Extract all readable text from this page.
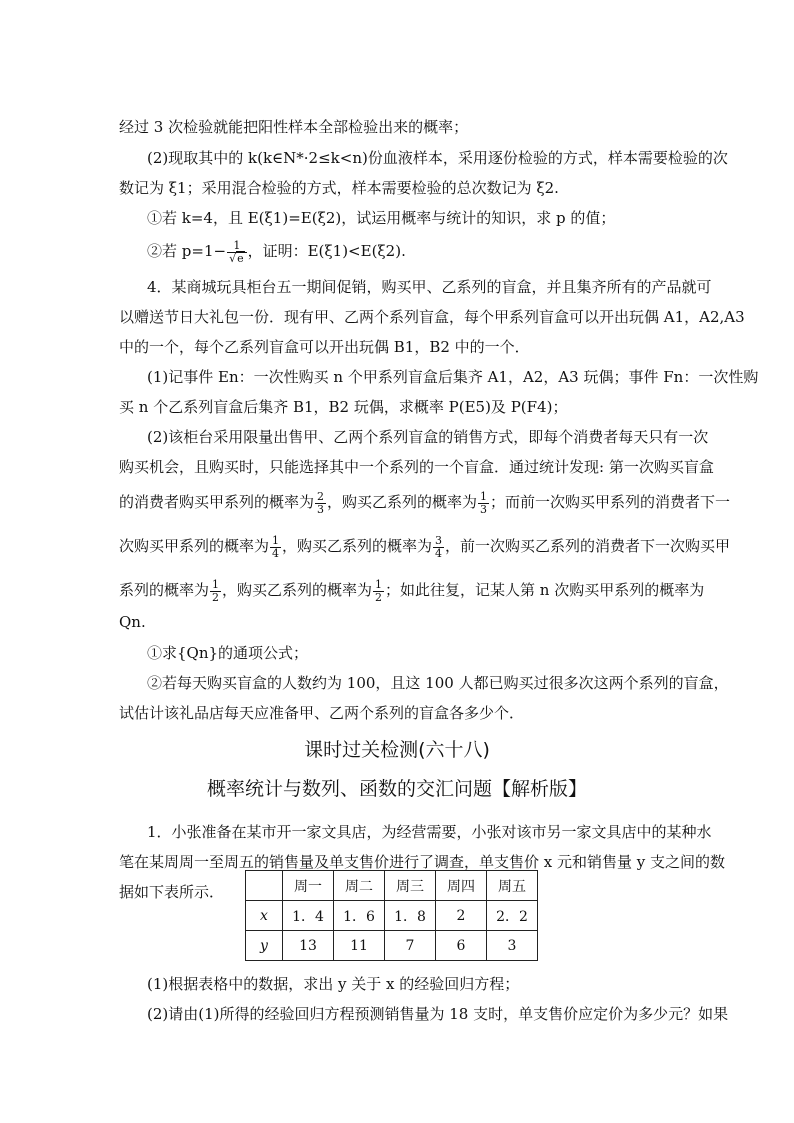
经过 3 次检验就能把阳性样本全部检验出来的概率；
(2)现取其中的 k(k∈N*·2≤k<n)份血液样本，采用逐份检验的方式，样本需要检验的次
数记为 ξ1；采用混合检验的方式，样本需要检验的总次数记为 ξ2.
①若 k=4，且 E(ξ1)=E(ξ2)，试运用概率与统计的知识，求 p 的值；
②若 $p=1- \frac{1}{√e}$ ，证明：E(ξ1)<E(ξ2).
4．某商城玩具柜台五一期间促销，购买甲、乙系列的盲盒，并且集齐所有的产品就可
以赠送节日大礼包一份．现有甲、乙两个系列盲盒，每个甲系列盲盒可以开出玩偶 A1，A2,A3
中的一个，每个乙系列盲盒可以开出玩偶 B1，B2 中的一个．
(1)记事件 En：一次性购买 n 个甲系列盲盒后集齐 A1，A2，A3 玩偶；事件 Fn：一次性购
买 n 个乙系列盲盒后集齐 B1，B2 玩偶，求概率 P(E5)及 P(F4)；
(2)该柜台采用限量出售甲、乙两个系列盲盒的销售方式，即每个消费者每天只有一次
购买机会，且购买时，只能选择其中一个系列的一个盲盒．通过统计发现: 第一次购买盲盒
的消费者购买甲系列的概率为 $\frac{2}{3}$ ，购买乙系列的概率为 $\frac{1}{3}$ ；而前一次购买甲系列的消费者下一
次购买甲系列的概率为 $\frac{1}{4}$ ，购买乙系列的概率为 $\frac{3}{4}$ ，前一次购买乙系列的消费者下一次购买甲
系列的概率为 $\frac{1}{2}$ ，购买乙系列的概率为 $\frac{1}{2}$ ；如此往复，记某人第 n 次购买甲系列的概率为
Qn.
①求{Qn}的通项公式；
②若每天购买盲盒的人数约为 100，且这 100 人都已购买过很多次这两个系列的盲盒，
试估计该礼品店每天应准备甲、乙两个系列的盲盒各多少个．
课时过关检测(六十八)
概率统计与数列、函数的交汇问题【解析版】
1．小张准备在某市开一家文具店，为经营需要，小张对该市另一家文具店中的某种水
笔在某周周一至周五的销售量及单支售价进行了调查，单支售价 x 元和销售量 y 支之间的数
据如下表所示．
		周一	周二	周三	周四	周五
x	1．4	1．6	1．8	2	2．2
y	13	11	7	6	3
(1)根据表格中的数据，求出 y 关于 x 的经验回归方程；
(2)请由(1)所得的经验回归方程预测销售量为 18 支时，单支售价应定价为多少元？如果
